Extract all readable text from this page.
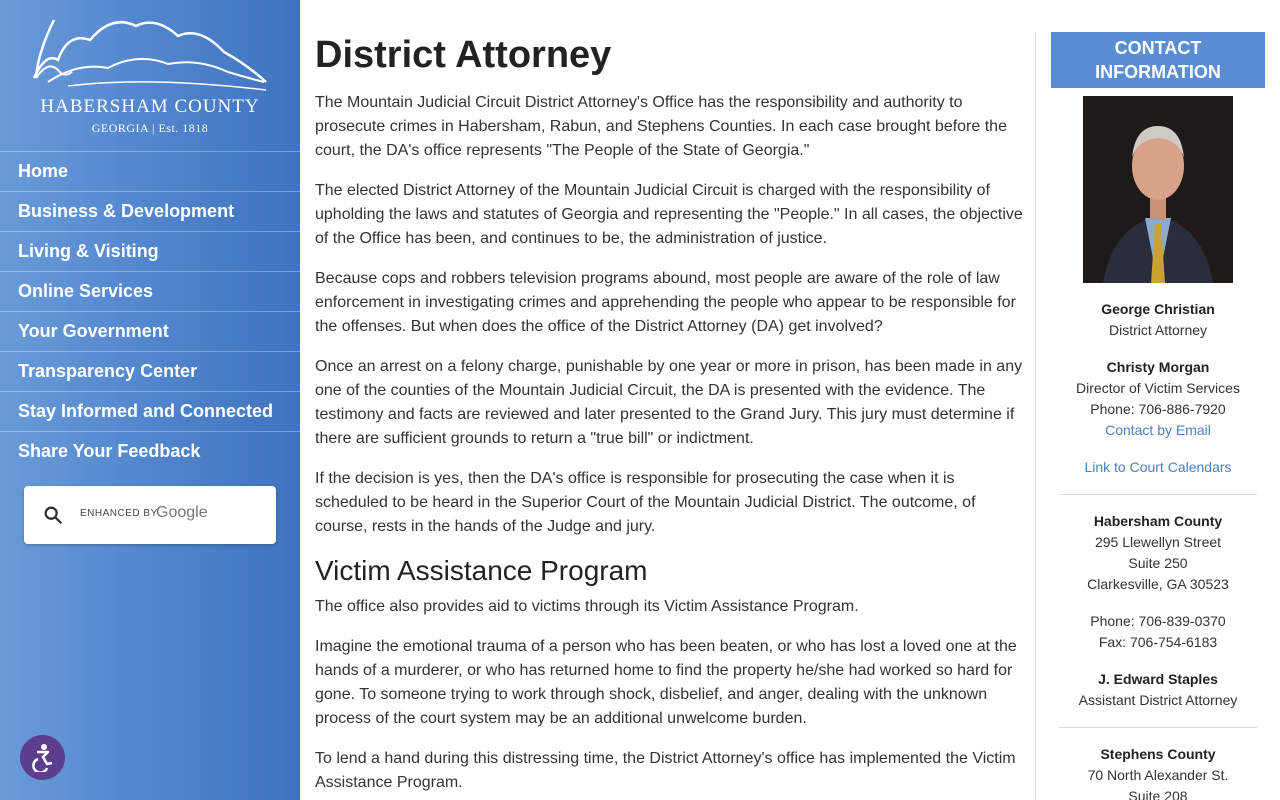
HABERSHAM COUNTY
GEORGIA | Est. 1818
Home
Business & Development
Living & Visiting
Online Services
Your Government
Transparency Center
Stay Informed and Connected
Share Your Feedback
ENHANCED BY
Google
District Attorney

The Mountain Judicial Circuit District Attorney's Office has the responsibility and authority to prosecute crimes in Habersham, Rabun, and Stephens Counties. In each case brought before the court, the DA's office represents "The People of the State of Georgia."

The elected District Attorney of the Mountain Judicial Circuit is charged with the responsibility of upholding the laws and statutes of Georgia and representing the "People." In all cases, the objective of the Office has been, and continues to be, the administration of justice.

Because cops and robbers television programs abound, most people are aware of the role of law enforcement in investigating crimes and apprehending the people who appear to be responsible for the offenses. But when does the office of the District Attorney (DA) get involved?

Once an arrest on a felony charge, punishable by one year or more in prison, has been made in any one of the counties of the Mountain Judicial Circuit, the DA is presented with the evidence. The testimony and facts are reviewed and later presented to the Grand Jury. This jury must determine if there are sufficient grounds to return a "true bill" or indictment.

If the decision is yes, then the DA's office is responsible for prosecuting the case when it is scheduled to be heard in the Superior Court of the Mountain Judicial District. The outcome, of course, rests in the hands of the Judge and jury.

Victim Assistance Program

The office also provides aid to victims through its Victim Assistance Program.

Imagine the emotional trauma of a person who has been beaten, or who has lost a loved one at the hands of a murderer, or who has returned home to find the property he/she had worked so hard for gone. To someone trying to work through shock, disbelief, and anger, dealing with the unknown process of the court system may be an additional unwelcome burden.

To lend a hand during this distressing time, the District Attorney's office has implemented the Victim Assistance Program.

CONTACT
INFORMATION
George Christian
District Attorney
Christy Morgan
Director of Victim Services
Phone: 706-886-7920
Contact by Email
Link to Court Calendars
Habersham County
295 Llewellyn Street
Suite 250
Clarkesville, GA 30523
Phone: 706-839-0370
Fax: 706-754-6183
J. Edward Staples
Assistant District Attorney
Stephens County
70 North Alexander St.
Suite 208
